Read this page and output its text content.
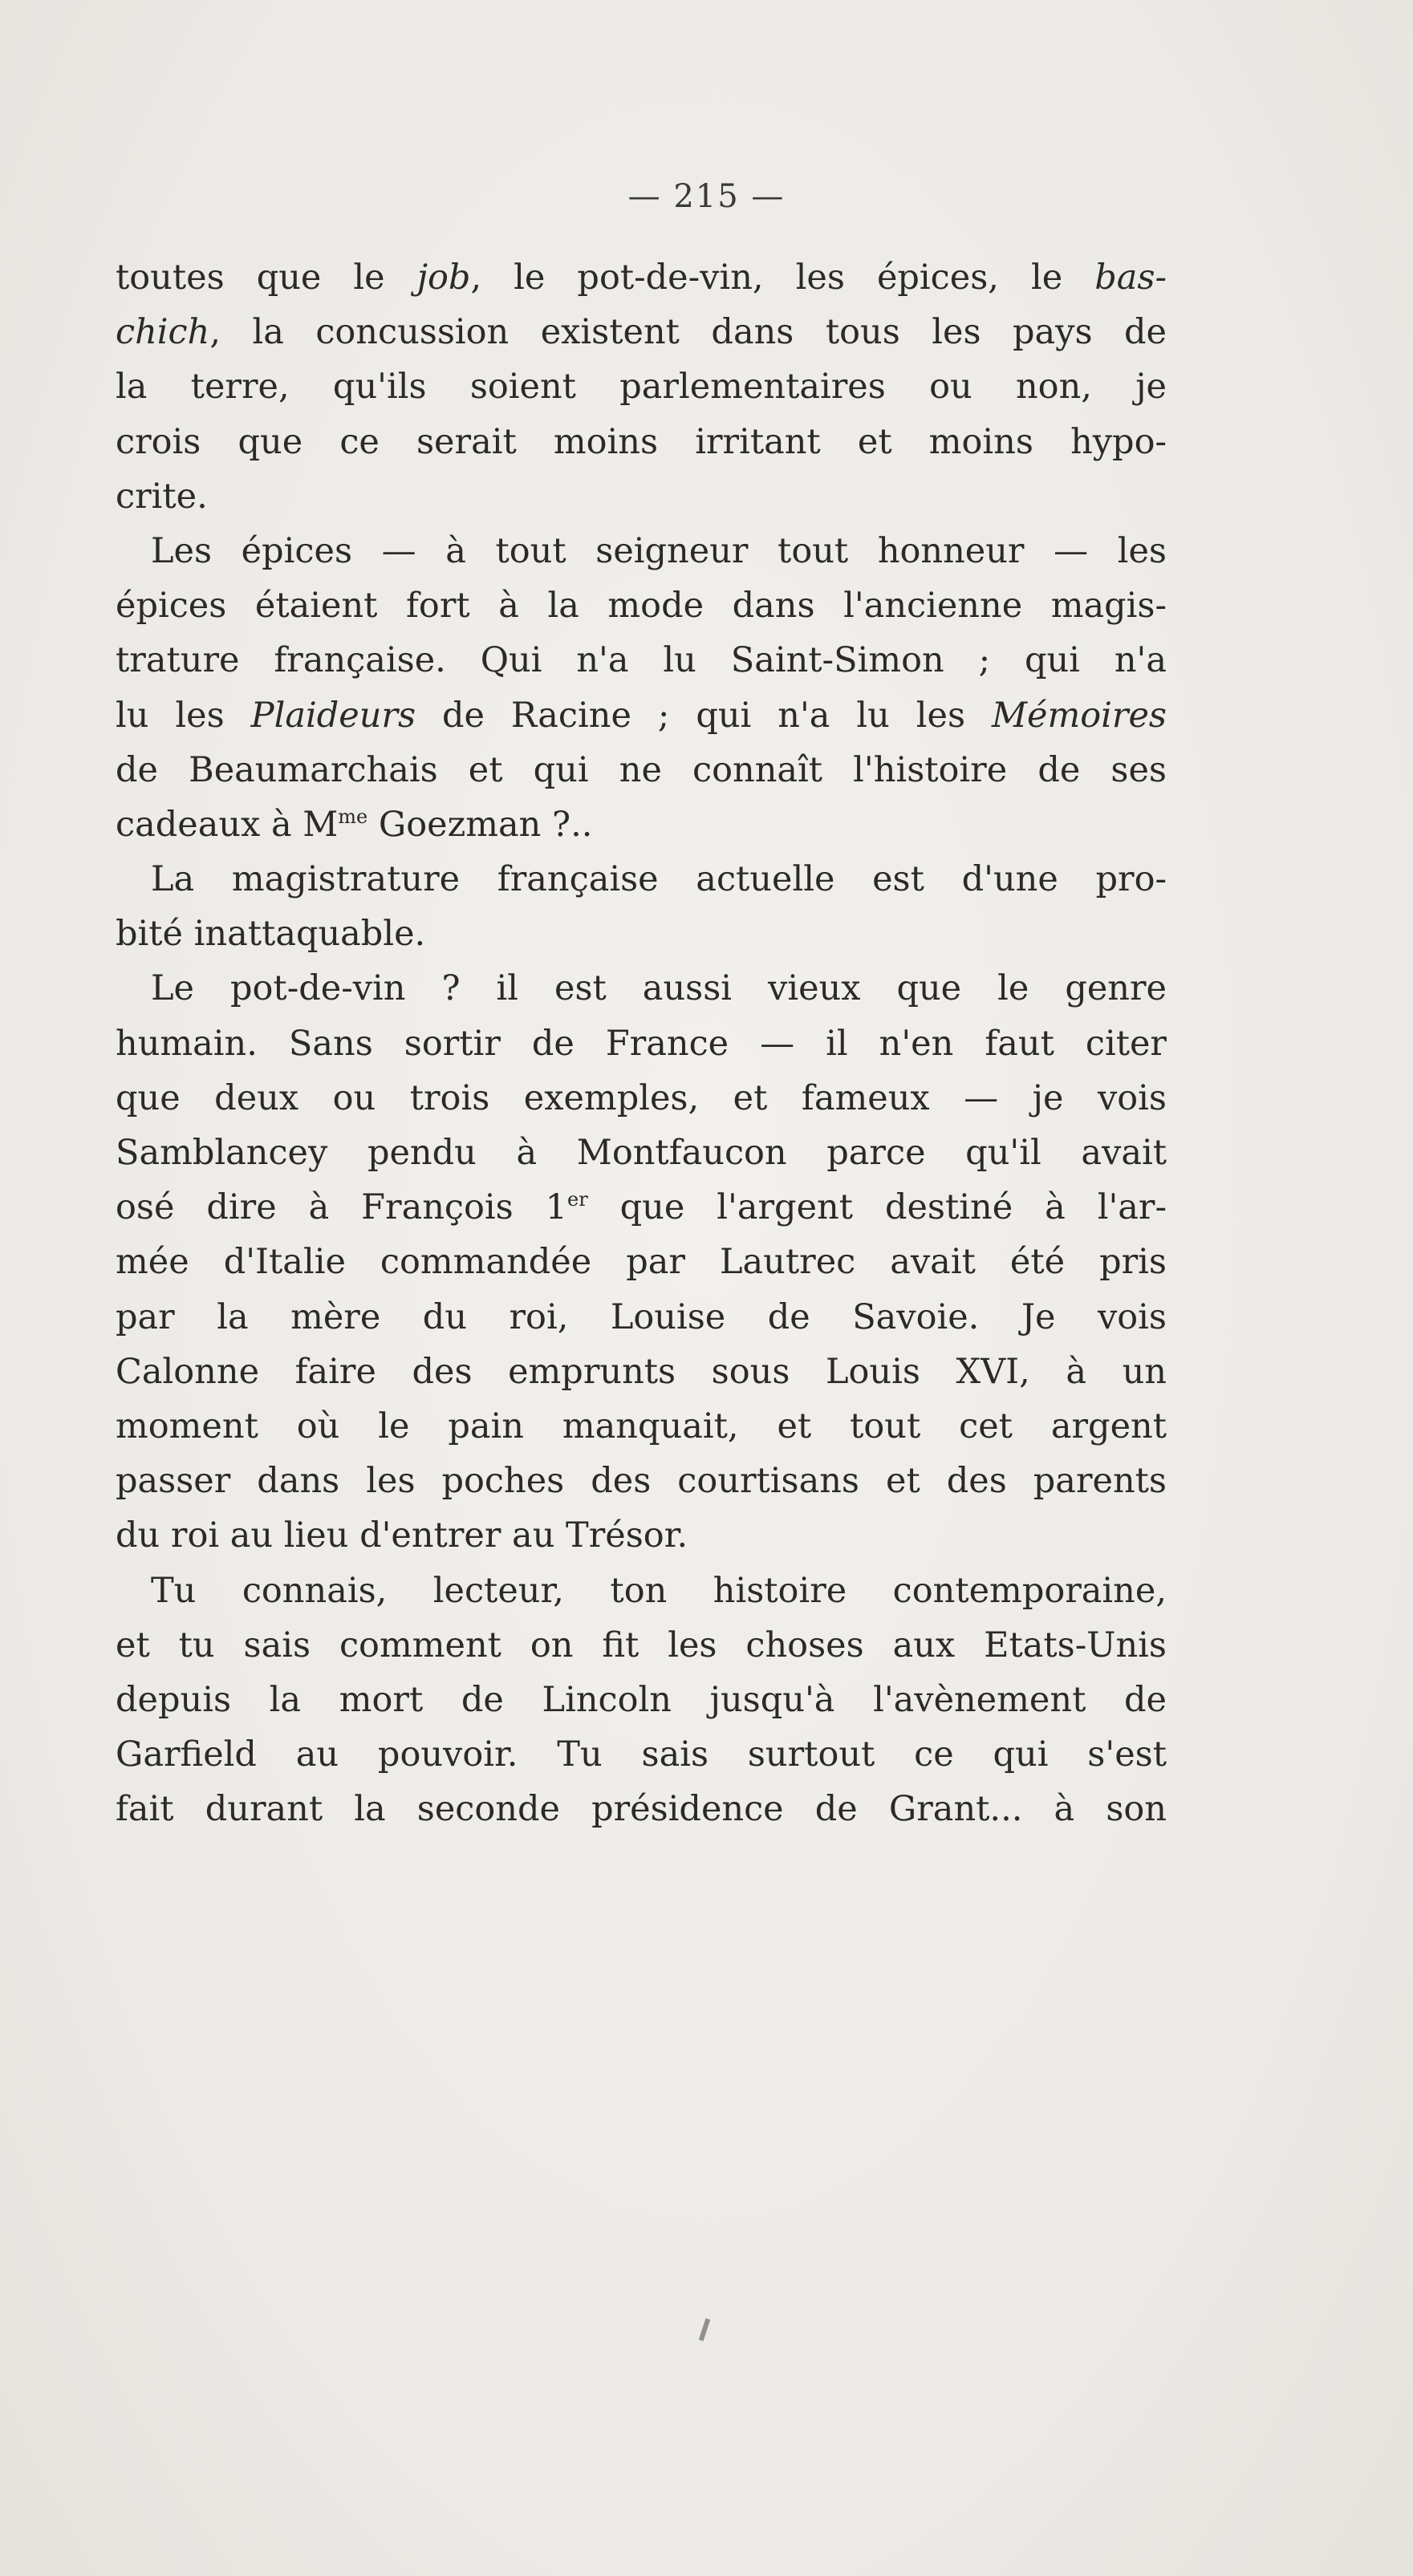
— 215 —
toutes que le job, le pot-de-vin, les épices, le bas-
chich, la concussion existent dans tous les pays de
la terre, qu'ils soient parlementaires ou non, je
crois que ce serait moins irritant et moins hypo-
crite.
Les épices — à tout seigneur tout honneur — les
épices étaient fort à la mode dans l'ancienne magis-
trature française. Qui n'a lu Saint-Simon ; qui n'a
lu les Plaideurs de Racine ; qui n'a lu les Mémoires
de Beaumarchais et qui ne connaît l'histoire de ses
cadeaux à $M^{me}$ Goezman ?..
La magistrature française actuelle est d'une pro-
bité inattaquable.
Le pot-de-vin ? il est aussi vieux que le genre
humain. Sans sortir de France — il n'en faut citer
que deux ou trois exemples, et fameux — je vois
Samblancey pendu à Montfaucon parce qu'il avait
osé dire à François 1er que l'argent destiné à l'ar-
mée d'Italie commandée par Lautrec avait été pris
par la mère du roi, Louise de Savoie. Je vois
Calonne faire des emprunts sous Louis XVI, à un
moment où le pain manquait, et tout cet argent
passer dans les poches des courtisans et des parents
du roi au lieu d'entrer au Trésor.
Tu connais, lecteur, ton histoire contemporaine,
et tu sais comment on fit les choses aux Etats-Unis
depuis la mort de Lincoln jusqu'à l'avènement de
Garfield au pouvoir. Tu sais surtout ce qui s'est
fait durant la seconde présidence de Grant... à son
